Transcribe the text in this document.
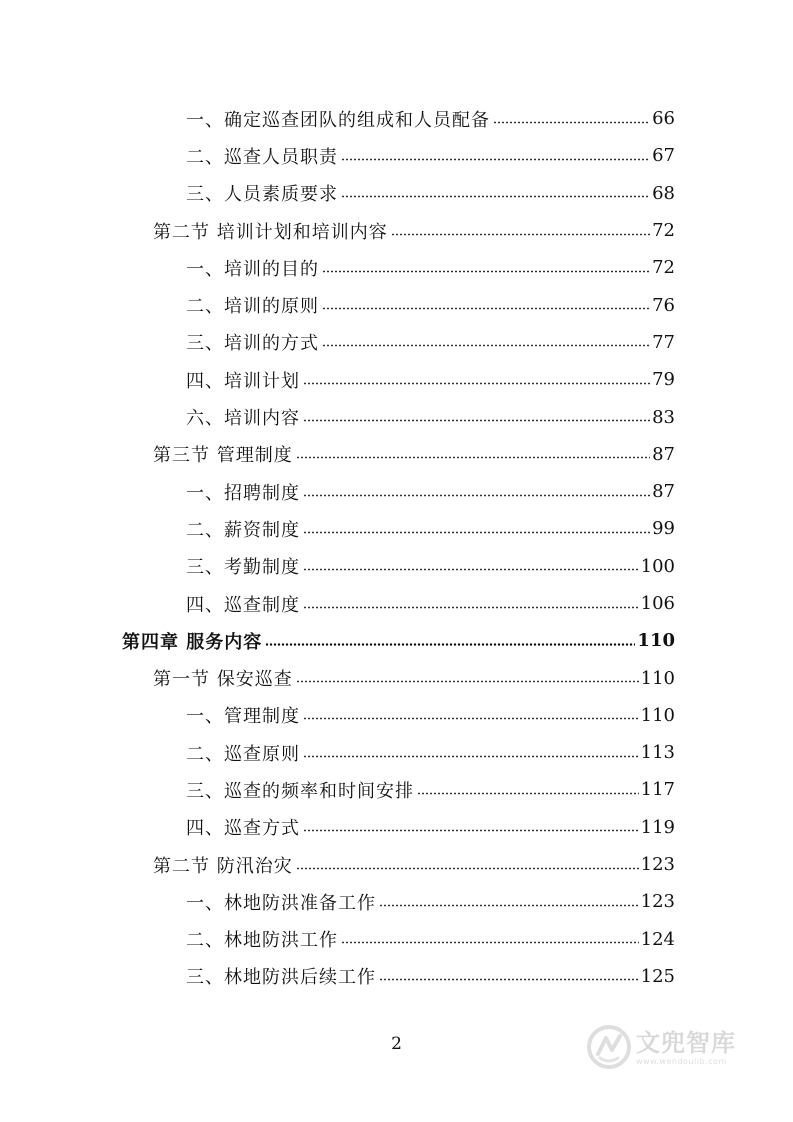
一、确定巡查团队的组成和人员配备	66
二、巡查人员职责	67
三、人员素质要求	68
第二节 培训计划和培训内容	72
一、培训的目的	72
二、培训的原则	76
三、培训的方式	77
四、培训计划	79
六、培训内容	83
第三节 管理制度	87
一、招聘制度	87
二、薪资制度	99
三、考勤制度	100
四、巡查制度	106
第四章 服务内容	110
第一节 保安巡查	110
一、管理制度	110
二、巡查原则	113
三、巡查的频率和时间安排	117
四、巡查方式	119
第二节 防汛治灾	123
一、林地防洪准备工作	123
二、林地防洪工作	124
三、林地防洪后续工作	125
2	文兜智库
www.wendoulib.com
